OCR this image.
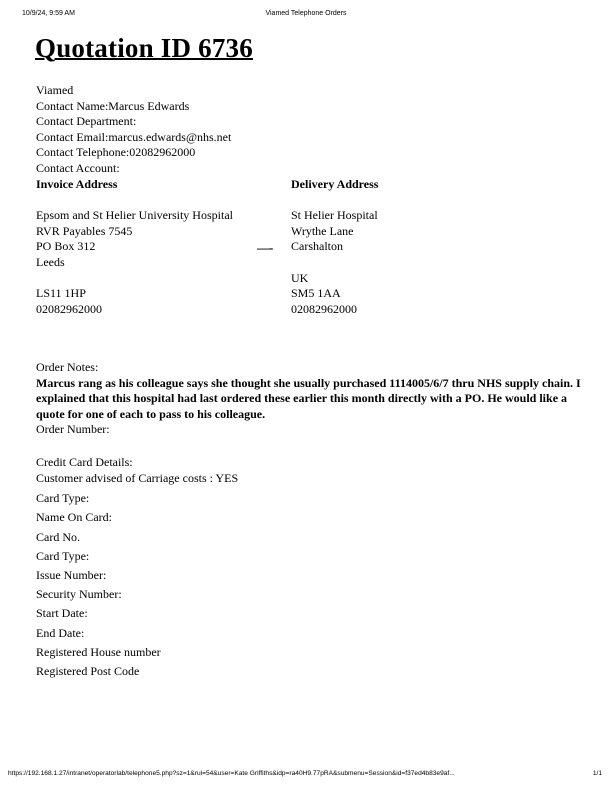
10/9/24, 9:59 AM	Viamed Telephone Orders
Quotation ID 6736
Viamed
Contact Name:Marcus Edwards
Contact Department:
Contact Email:marcus.edwards@nhs.net
Contact Telephone:02082962000
Contact Account:
Invoice Address
Epsom and St Helier University Hospital
RVR Payables 7545
PO Box 312
Leeds
LS11 1HP
02082962000
Delivery Address
St Helier Hospital
Wrythe Lane
Carshalton
UK
SM5 1AA
02082962000
—-
Order Notes:

Marcus rang as his colleague says she thought she usually purchased 1114005/6/7 thru NHS supply chain. I explained that this hospital had last ordered these earlier this month directly with a PO. He would like a quote for one of each to pass to his colleague.

Order Number:
Credit Card Details:
Customer advised of Carriage costs : YES
Card Type:
Name On Card:
Card No.
Card Type:
Issue Number:
Security Number:
Start Date:
End Date:
Registered House number
Registered Post Code
https://192.168.1.27/intranet/operatorlab/telephone5.php?sz=1&rul=54&user=Kate Griffiths&idp=ra40H9.77pRA&submenu=Session&id=f37ed4b83e9af...	1/1
